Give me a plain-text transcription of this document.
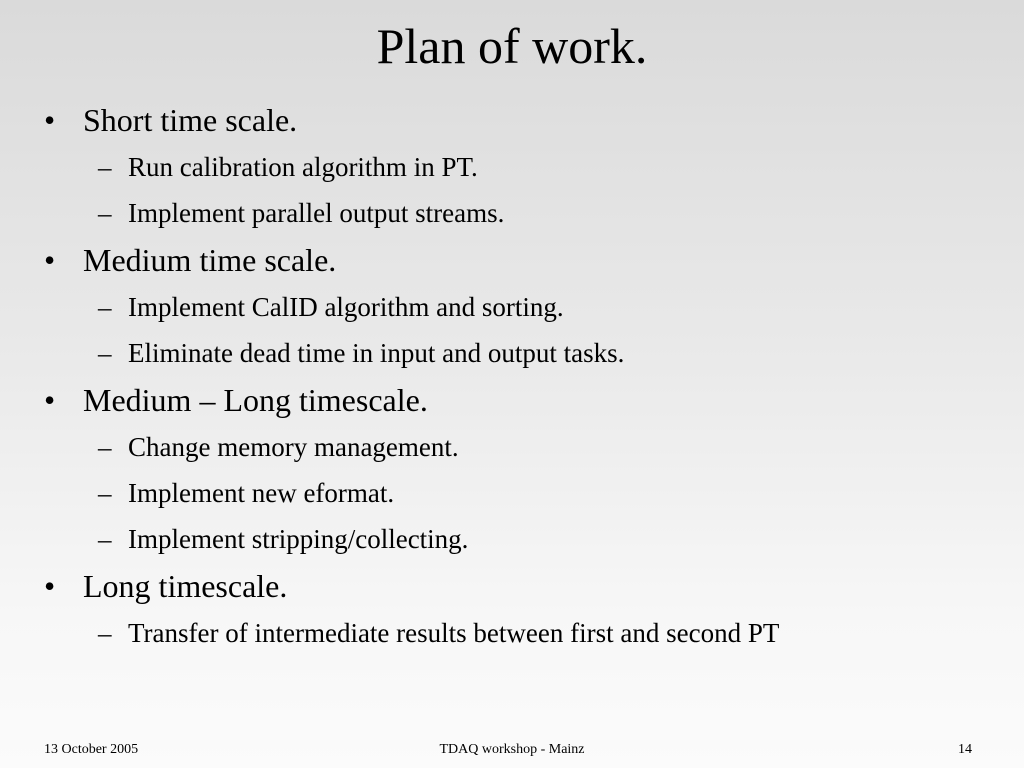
Plan of work.
• Short time scale.
– Run calibration algorithm in PT.
– Implement parallel output streams.
• Medium time scale.
– Implement CalID algorithm and sorting.
– Eliminate dead time in input and output tasks.
• Medium – Long timescale.
– Change memory management.
– Implement new eformat.
– Implement stripping/collecting.
• Long timescale.
– Transfer of intermediate results between first and second PT
13 October 2005	TDAQ workshop - Mainz	14
